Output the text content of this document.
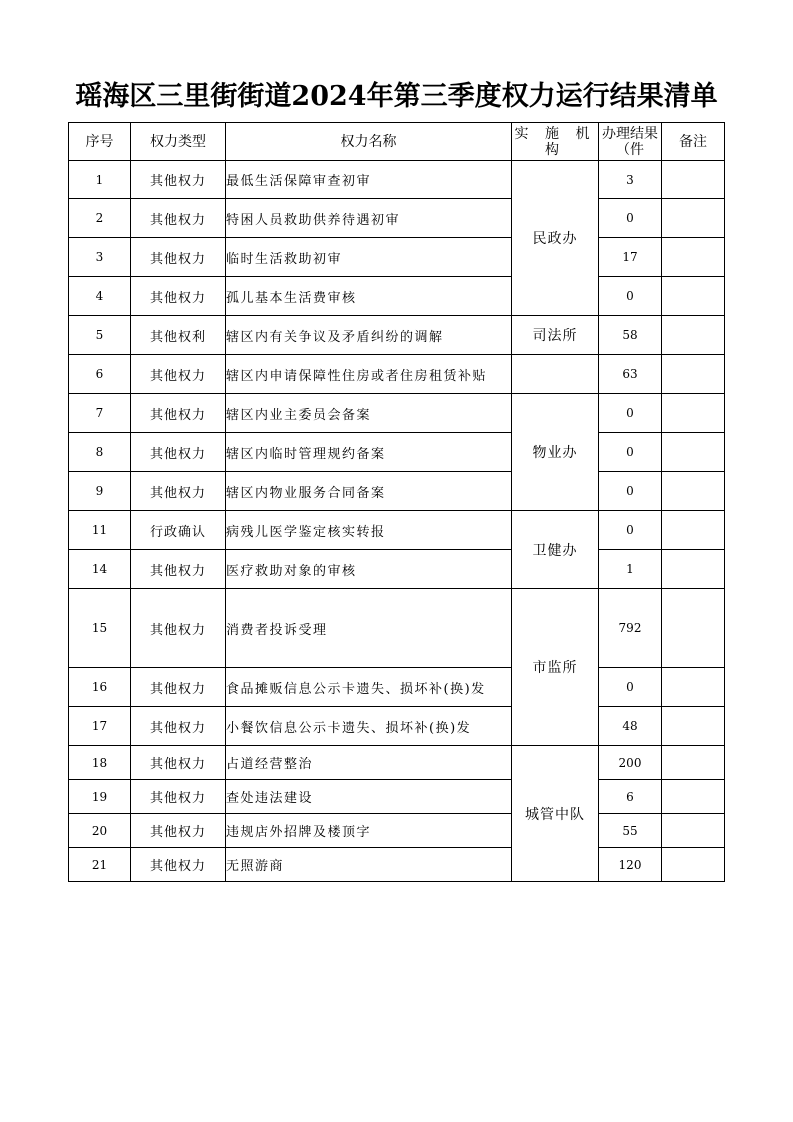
瑶海区三里街街道2024年第三季度权力运行结果清单
序号	权力类型	权力名称	实 施 机 构	办理结果（件	备注
1	其他权力	最低生活保障审查初审	民政办	3	
2	其他权力	特困人员救助供养待遇初审		0	
3	其他权力	临时生活救助初审		17	
4	其他权力	孤儿基本生活费审核		0	
5	其他权利	辖区内有关争议及矛盾纠纷的调解	司法所	58	
6	其他权力	辖区内申请保障性住房或者住房租赁补贴		63	
7	其他权力	辖区内业主委员会备案	物业办	0	
8	其他权力	辖区内临时管理规约备案		0	
9	其他权力	辖区内物业服务合同备案		0	
11	行政确认	病残儿医学鉴定核实转报	卫健办	0	
14	其他权力	医疗救助对象的审核		1	
15	其他权力	消费者投诉受理	市监所	792	
16	其他权力	食品摊贩信息公示卡遗失、损坏补(换)发		0	
17	其他权力	小餐饮信息公示卡遗失、损坏补(换)发		48	
18	其他权力	占道经营整治	城管中队	200	
19	其他权力	查处违法建设		6	
20	其他权力	违规店外招牌及楼顶字		55	
21	其他权力	无照游商		120	
